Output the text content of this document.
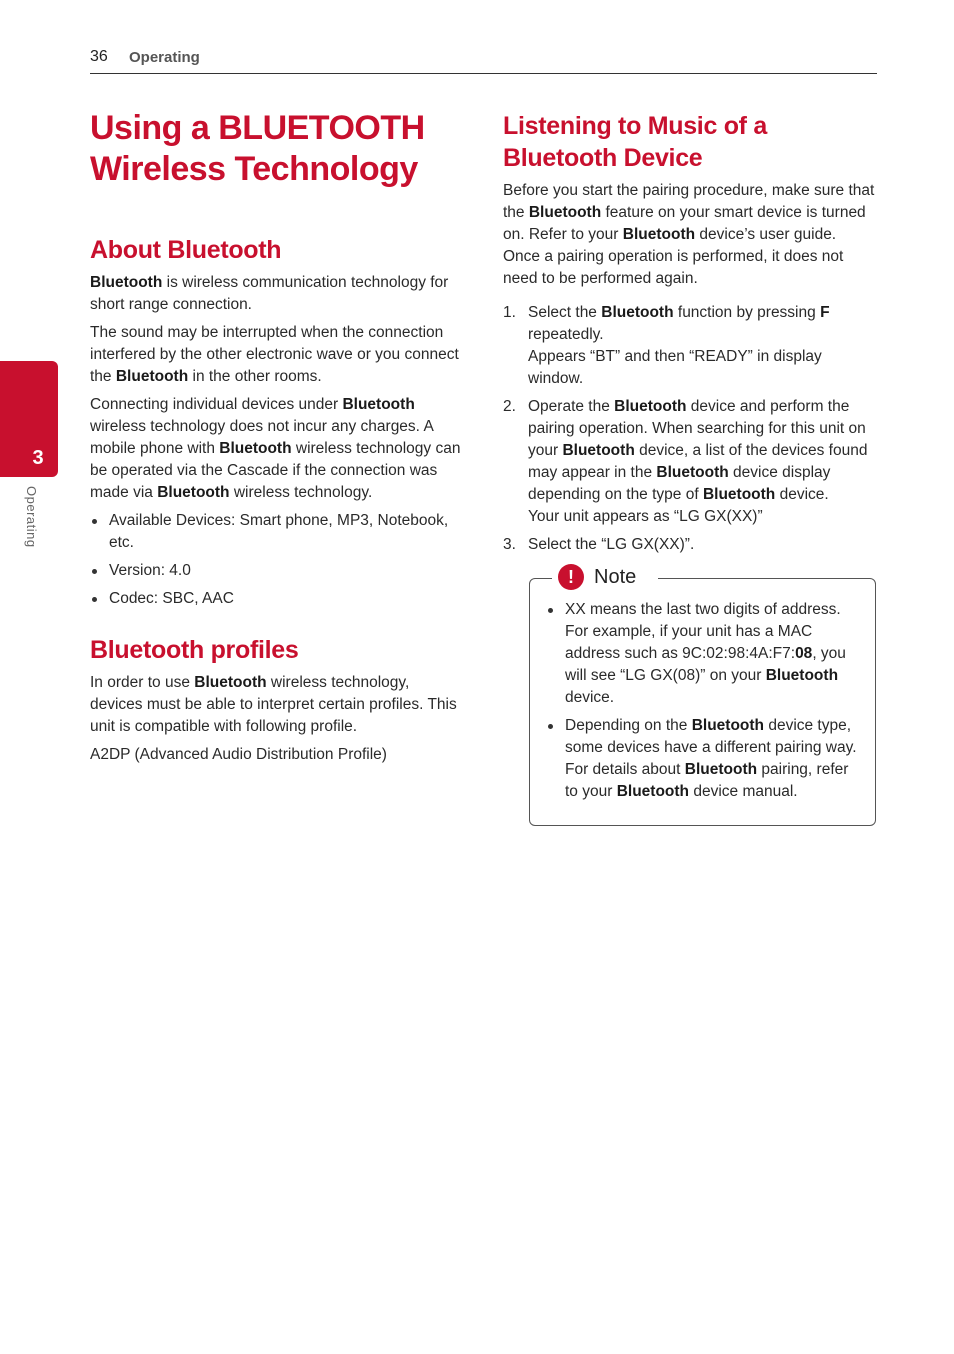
36 Operating
3
Operating
Using a BLUETOOTH
Wireless Technology
About Bluetooth

Bluetooth is wireless communication technology for short range connection.

The sound may be interrupted when the connection interfered by the other electronic wave or you connect the Bluetooth in the other rooms.

Connecting individual devices under Bluetooth wireless technology does not incur any charges. A mobile phone with Bluetooth wireless technology can be operated via the Cascade if the connection was made via Bluetooth wireless technology.

Available Devices: Smart phone, MP3, Notebook, etc.
Version: 4.0
Codec: SBC, AAC
Bluetooth profiles

In order to use Bluetooth wireless technology, devices must be able to interpret certain profiles. This unit is compatible with following profile.

A2DP (Advanced Audio Distribution Profile)

Listening to Music of a
Bluetooth Device

Before you start the pairing procedure, make sure that the Bluetooth feature on your smart device is turned on. Refer to your Bluetooth device’s user guide. Once a pairing operation is performed, it does not need to be performed again.

1. Select the Bluetooth function by pressing F repeatedly.
Appears “BT” and then “READY” in display window.
2. Operate the Bluetooth device and perform the pairing operation. When searching for this unit on your Bluetooth device, a list of the devices found may appear in the Bluetooth device display depending on the type of Bluetooth device.
Your unit appears as “LG GX(XX)”
3. Select the “LG GX(XX)”.
!	Note
XX means the last two digits of address. For example, if your unit has a MAC address such as 9C:02:98:4A:F7:08, you will see “LG GX(08)” on your Bluetooth device.
Depending on the Bluetooth device type, some devices have a different pairing way. For details about Bluetooth pairing, refer to your Bluetooth device manual.
